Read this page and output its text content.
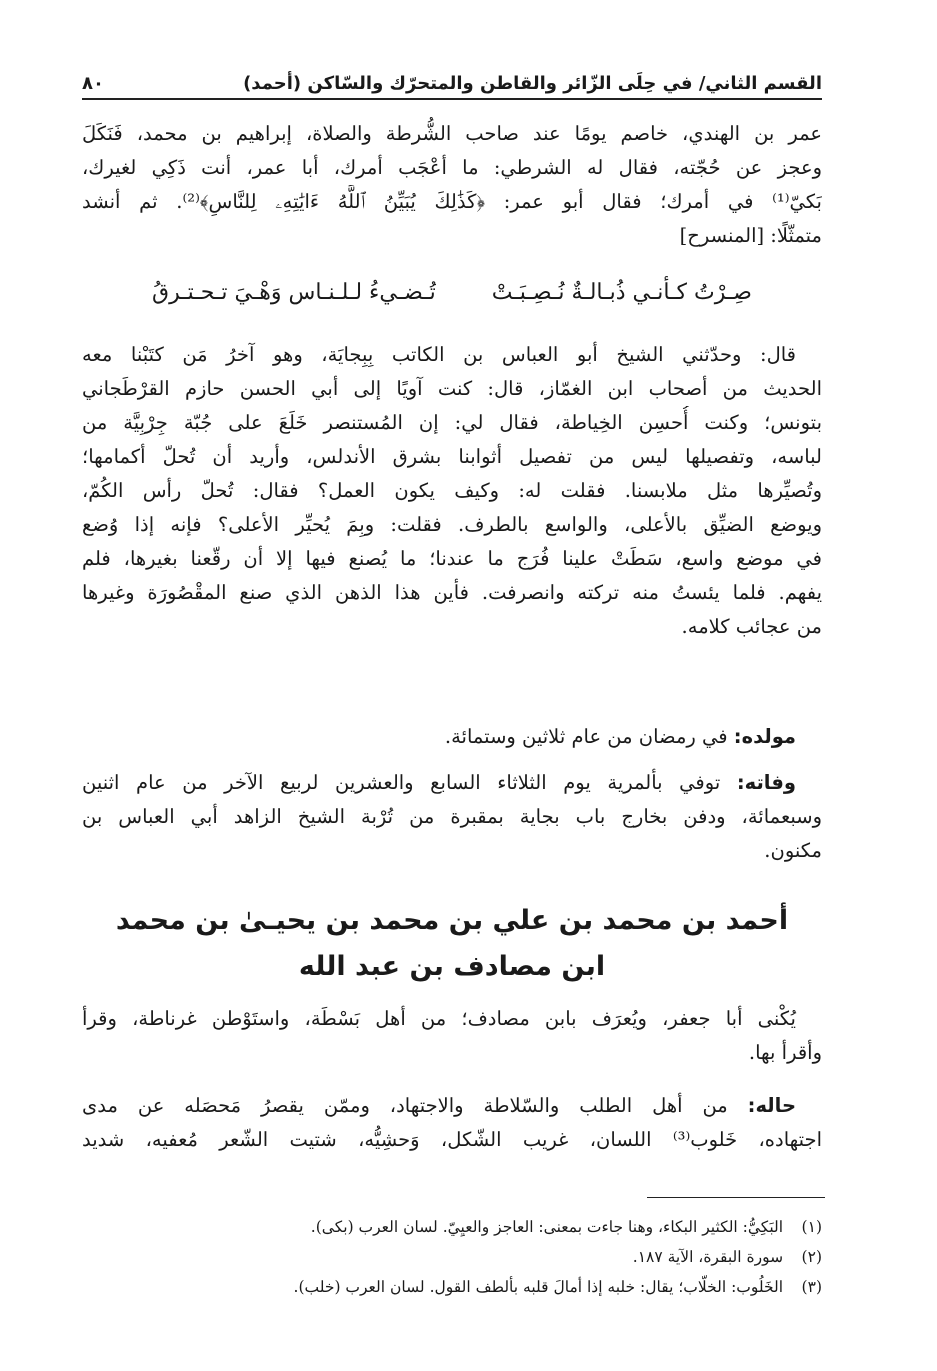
القسم الثاني/ في حِلَى الزّائر والقاطن والمتحرّك والسّاكن (أحمد)
٨٠
عمر بن الهندي، خاصم يومًا عند صاحب الشُّرطة والصلاة، إبراهيم بن محمد، فَنَكَلَ
وعجز عن حُجّته، فقال له الشرطي: ما أعْجَب أمرك، أبا عمر، أنت ذَكِي لغيرك،
بَكيّ⁽¹⁾ في أمرك؛ فقال أبو عمر: ﴿كَذَٰلِكَ يُبَيِّنُ ٱللَّهُ ءَايَٰتِهِۦ لِلنَّاسِ﴾⁽²⁾. ثم أنشد
متمثّلًا: [المنسرح]
صِـرْتُ كـأنـي ذُبـالـةٌ نُـصِـبَـتْ
تُـضـيءُ لـلـنـاس وَهْـيَ تـحـتـرقُ
قال: وحدّثني الشيخ أبو العباس بن الكاتب بِبِجايَة، وهو آخرُ مَن كتَبْنا معه
الحديث من أصحاب ابن الغمّاز، قال: كنت آويًا إلى أبي الحسن حازم القرْطَجاني
بتونس؛ وكنت أُحسِن الخِياطة، فقال لي: إن المُستنصر خَلَعَ على جُبّة جِرْبِيَّة من
لباسه، وتفصيلها ليس من تفصيل أثوابنا بشرق الأندلس، وأريد أن تُحلّ أكمامها؛
وتُصيِّرها مثل ملابسنا. فقلت له: وكيف يكون العمل؟ فقال: تُحلّ رأس الكُمّ،
ويوضع الضيِّق بالأعلى، والواسع بالطرف. فقلت: وبِمَ يُحيِّر الأعلى؟ فإنه إذا وُضع
في موضع واسع، سَطَتْ علينا فُرَج ما عندنا؛ ما يُصنع فيها إلا أن رقّعنا بغيرها، فلم
يفهم. فلما يئستُ منه تركته وانصرفت. فأين هذا الذهن الذي صنع المقْصُورَة وغيرها
من عجائب كلامه.
مولده: في رمضان من عام ثلاثين وستمائة.
وفاته: توفي بألمرية يوم الثلاثاء السابع والعشرين لربيع الآخر من عام اثنين
وسبعمائة، ودفن بخارج باب بجاية بمقبرة من تُرْبة الشيخ الزاهد أبي العباس بن
مكنون.
أحمد بن محمد بن علي بن محمد بن يحيـىٰ بن محمد
ابن مصادف بن عبد الله
يُكْنى أبا جعفر، ويُعرَف بابن مصادف؛ من أهل بَسْطَة، واستَوْطن غرناطة، وقرأ
وأقرأ بها.
حاله: من أهل الطلب والسّلاطة والاجتهاد، وممّن يقصرُ مَحصَله عن مدى
اجتهاده، خَلوب⁽³⁾ اللسان، غريب الشّكل، وَحشِيُّه، شتيت الشّعر مُعفيه، شديد
(١) البَكِيُّ: الكثير البكاء، وهنا جاءت بمعنى: العاجز والعيِيّ. لسان العرب (بكى).
(٢) سورة البقرة، الآية ١٨٧.
(٣) الخَلُوب: الخلّاب؛ يقال: خلبه إذا أمالَ قلبه بألطف القول. لسان العرب (خلب).
